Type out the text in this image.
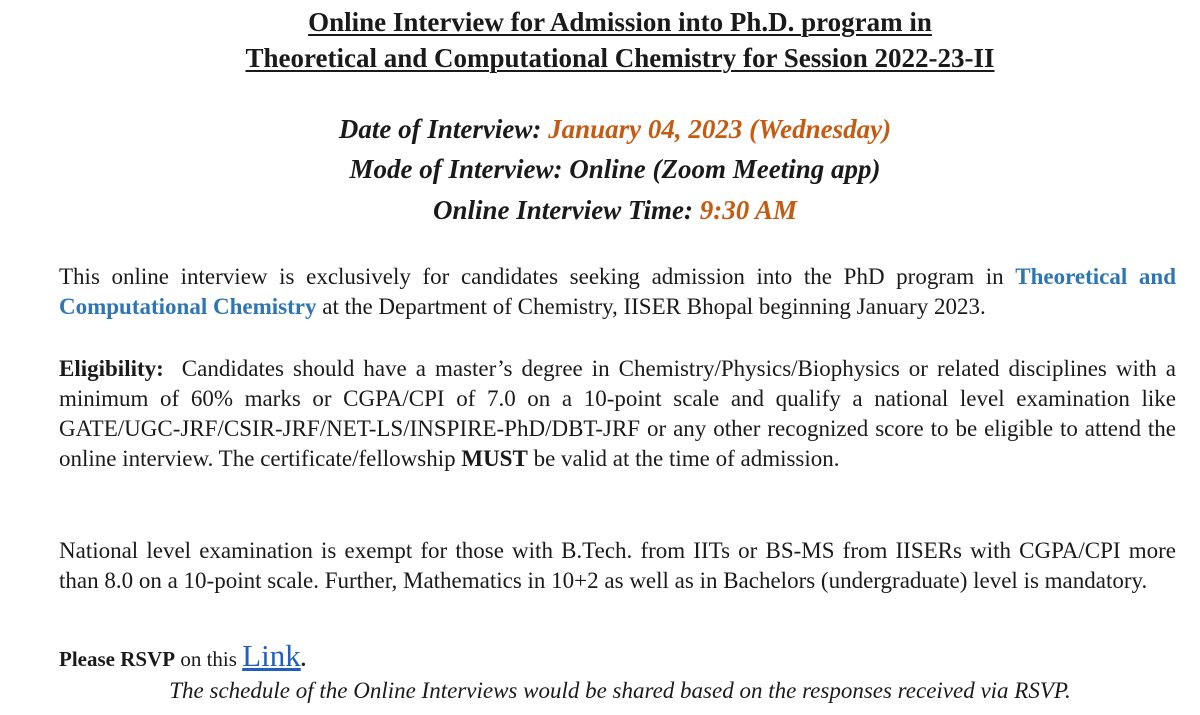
Online Interview for Admission into Ph.D. program in
Theoretical and Computational Chemistry for Session 2022-23-II

Date of Interview: January 04, 2023 (Wednesday)

Mode of Interview: Online (Zoom Meeting app)

Online Interview Time: 9:30 AM

This online interview is exclusively for candidates seeking admission into the PhD program in Theoretical and Computational Chemistry at the Department of Chemistry, IISER Bhopal beginning January 2023.

Eligibility:  Candidates should have a master’s degree in Chemistry/Physics/Biophysics or related disciplines with a minimum of 60% marks or CGPA/CPI of 7.0 on a 10-point scale and qualify a national level examination like GATE/UGC-JRF/CSIR-JRF/NET-LS/INSPIRE-PhD/DBT-JRF or any other recognized score to be eligible to attend the online interview. The certificate/fellowship MUST be valid at the time of admission.

National level examination is exempt for those with B.Tech. from IITs or BS-MS from IISERs with CGPA/CPI more than 8.0 on a 10-point scale. Further, Mathematics in 10+2 as well as in Bachelors (undergraduate) level is mandatory.

Please RSVP on this Link.

The schedule of the Online Interviews would be shared based on the responses received via RSVP.
